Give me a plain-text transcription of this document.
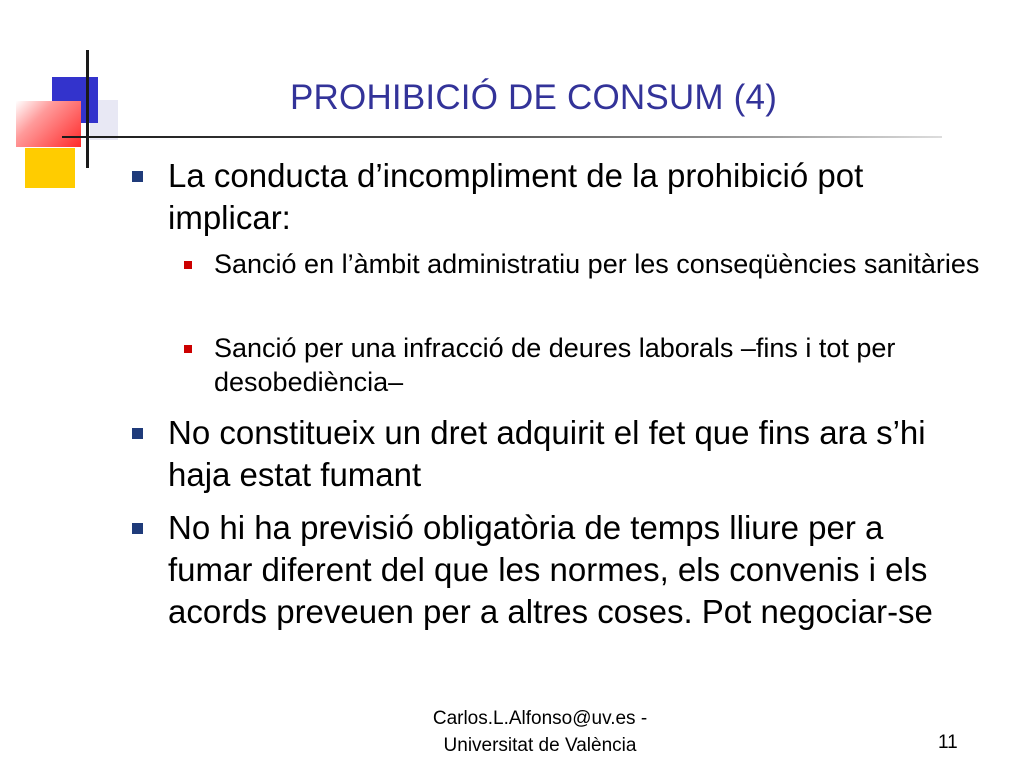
PROHIBICIÓ DE CONSUM (4)
La conducta d’incompliment de la prohibició pot implicar:
Sanció en l’àmbit administratiu per les conseqüències sanitàries
Sanció per una infracció de deures laborals –fins i tot per desobediència–
No constitueix un dret adquirit el fet que fins ara s’hi haja estat fumant
No hi ha previsió obligatòria de temps lliure per a fumar diferent del que les normes, els convenis i els acords preveuen per a altres coses. Pot negociar-se
Carlos.L.Alfonso@uv.es -
Universitat de València	11
